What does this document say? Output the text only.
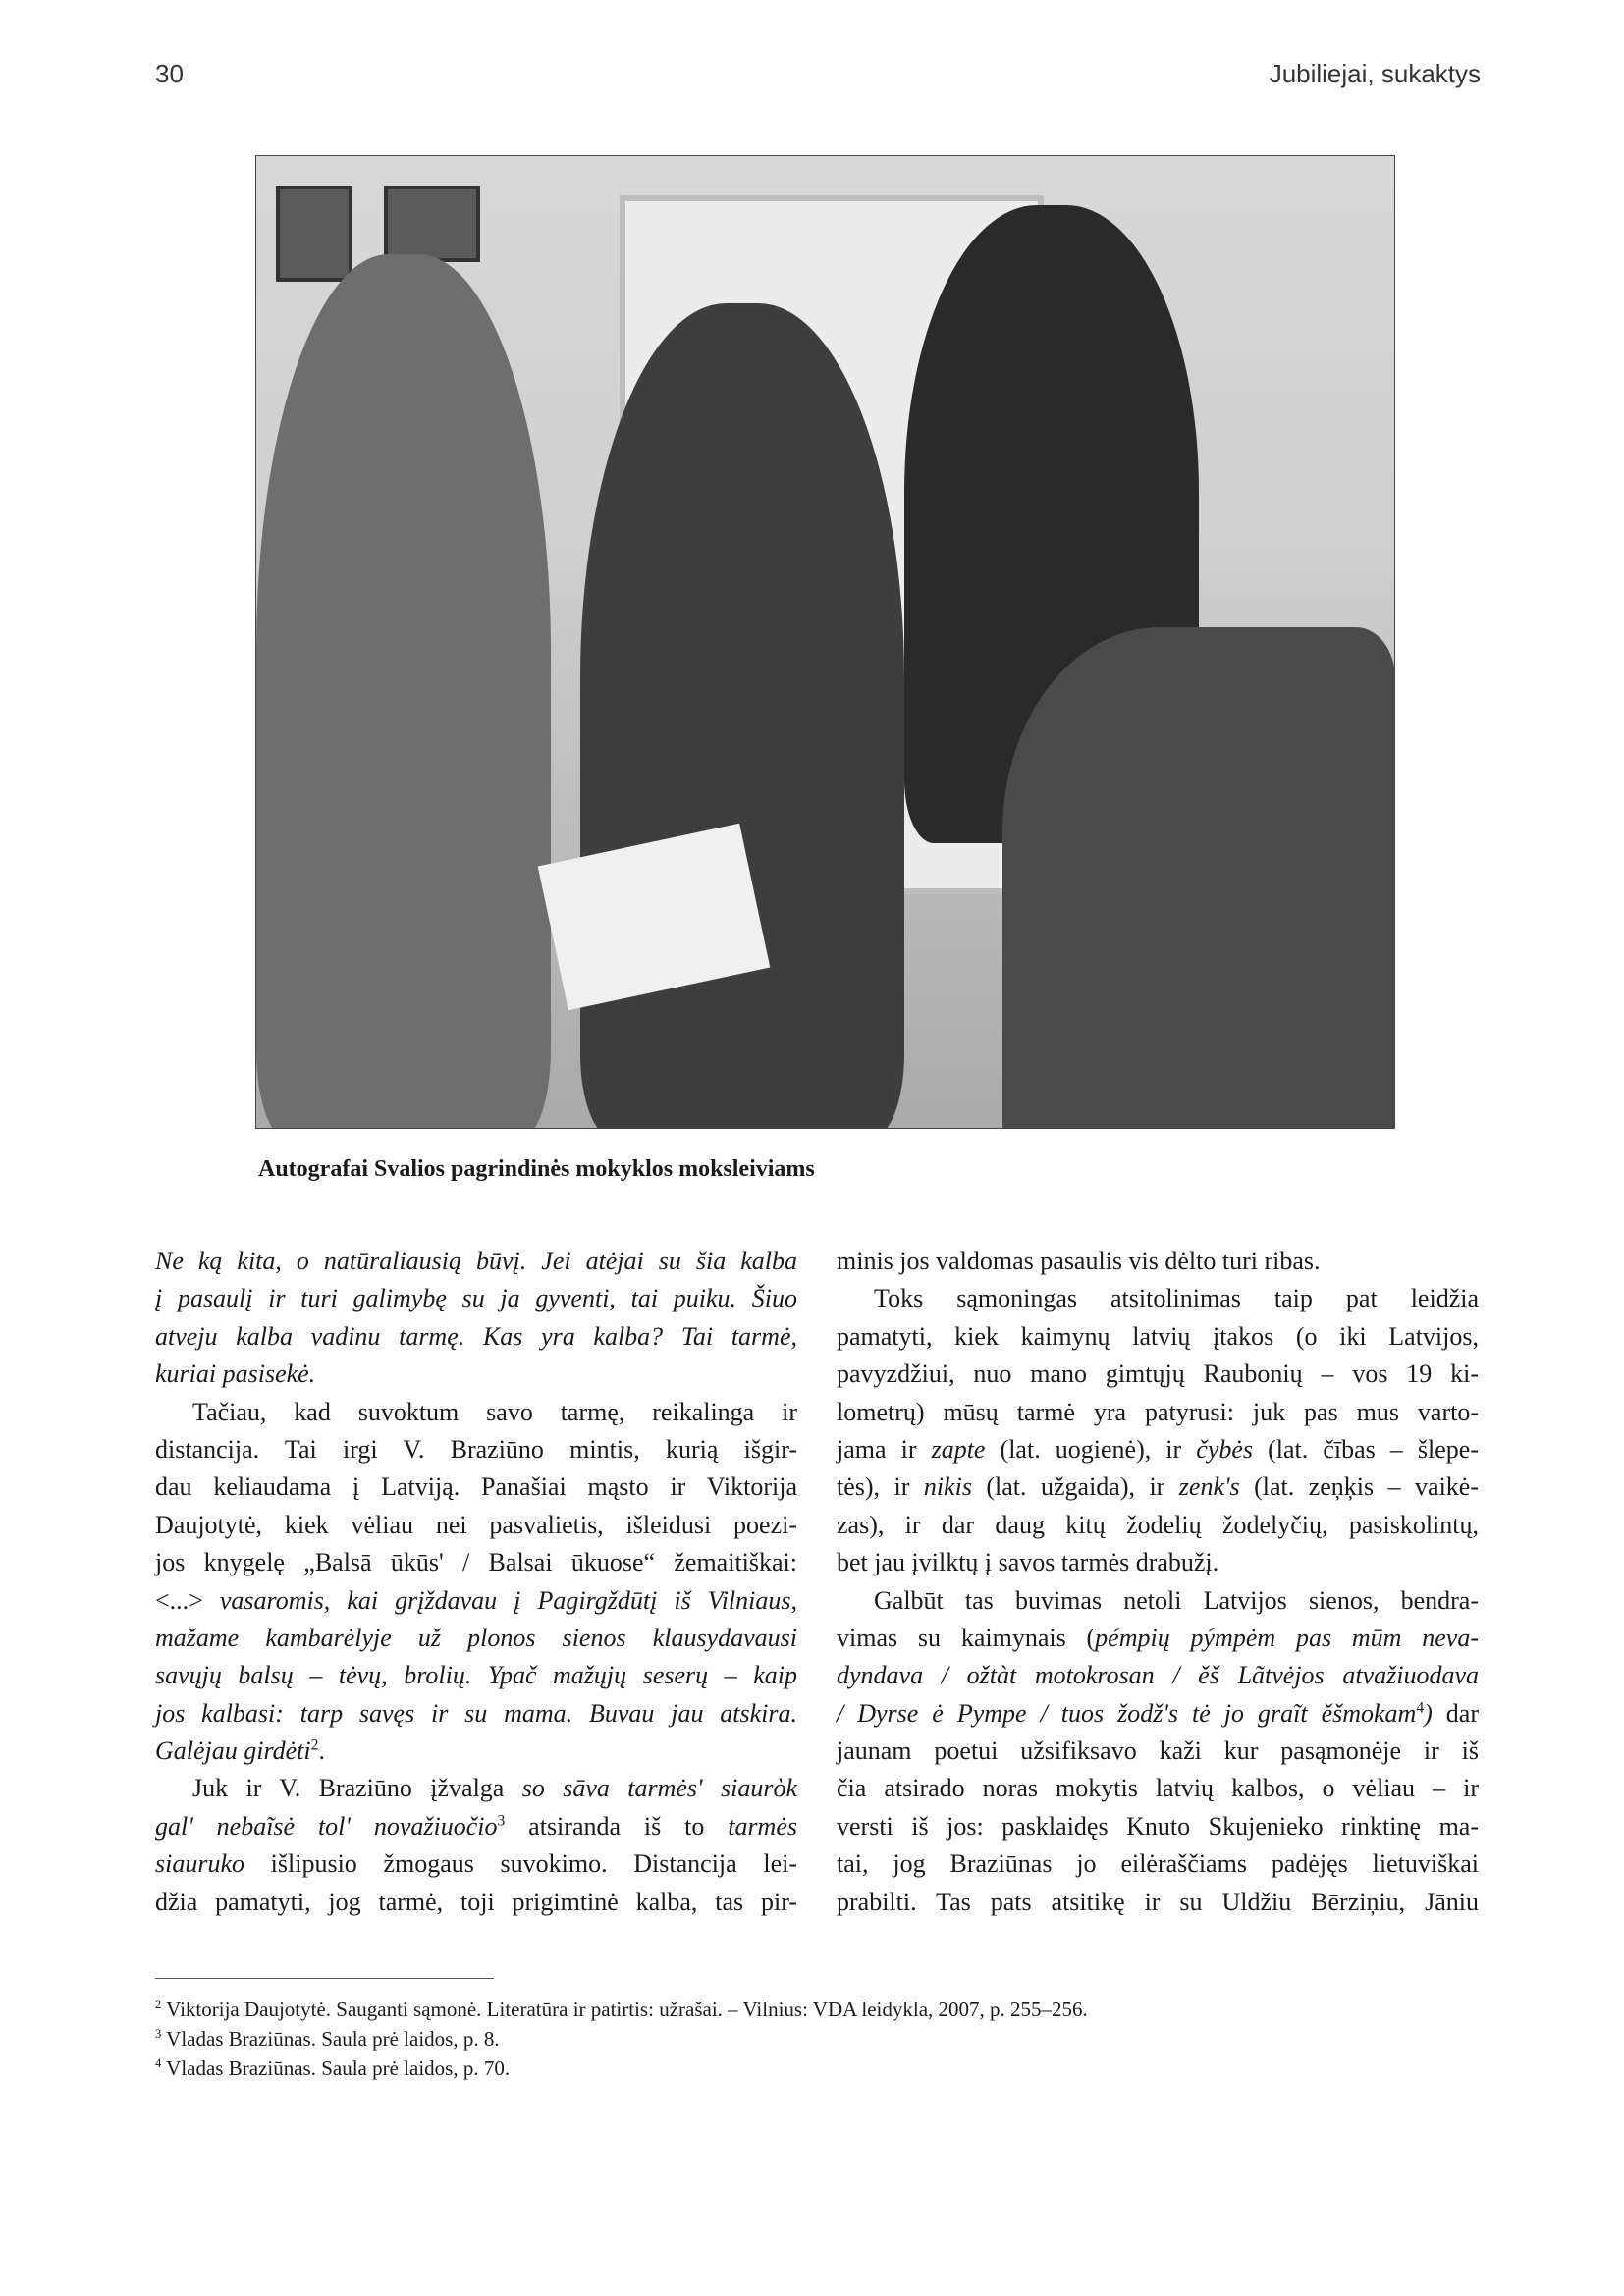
30	Jubiliejai, sukaktys
Autografai Svalios pagrindinės mokyklos moksleiviams
Ne ką kita, o natūraliausią būvį. Jei atėjai su šia kalba
į pasaulį ir turi galimybę su ja gyventi, tai puiku. Šiuo
atveju kalba vadinu tarmę. Kas yra kalba? Tai tarmė,
kuriai pasisekė.
Tačiau, kad suvoktum savo tarmę, reikalinga ir
distancija. Tai irgi V. Braziūno mintis, kurią išgir-
dau keliaudama į Latviją. Panašiai mąsto ir Viktorija
Daujotytė, kiek vėliau nei pasvalietis, išleidusi poezi-
jos knygelę „Balsā ūkūs' / Balsai ūkuose“ žemaitiškai:
<...> vasaromis, kai grįždavau į Pagirgždūtį iš Vilniaus,
mažame kambarėlyje už plonos sienos klausydavausi
savųjų balsų – tėvų, brolių. Ypač mažųjų seserų – kaip
jos kalbasi: tarp savęs ir su mama. Buvau jau atskira.
Galėjau girdėti$^2$.
Juk ir V. Braziūno įžvalga so sāva tarmės' siaurὸk
gal' nebaĩsė tol' novažiuočio$^3$ atsiranda iš to tarmės
siauruko išlipusio žmogaus suvokimo. Distancija lei-
džia pamatyti, jog tarmė, toji prigimtinė kalba, tas pir-
minis jos valdomas pasaulis vis dėlto turi ribas.
Toks sąmoningas atsitolinimas taip pat leidžia
pamatyti, kiek kaimynų latvių įtakos (o iki Latvijos,
pavyzdžiui, nuo mano gimtųjų Raubonių – vos 19 ki-
lometrų) mūsų tarmė yra patyrusi: juk pas mus varto-
jama ir zapte (lat. uogienė), ir čybės (lat. čības – šlepe-
tės), ir nikis (lat. užgaida), ir zenk's (lat. zeņķis – vaikė-
zas), ir dar daug kitų žodelių žodelyčių, pasiskolintų,
bet jau įvilktų į savos tarmės drabužį.
Galbūt tas buvimas netoli Latvijos sienos, bendra-
vimas su kaimynais (pémpių pýmpėm pas mūm neva-
dyndava / ožtàt motokrosan / ěš Lãtvėjos atvažiuodava
/ Dyrse ė Pympe / tuos žodž's tė jo graĩt ěšmokam$^4$) dar
jaunam poetui užsifiksavo kaži kur pasąmonėje ir iš
čia atsirado noras mokytis latvių kalbos, o vėliau – ir
versti iš jos: pasklaidęs Knuto Skujenieko rinktinę ma-
tai, jog Braziūnas jo eilėraščiams padėjęs lietuviškai
prabilti. Tas pats atsitikę ir su Uldžiu Bērziņiu, Jāniu
$^2$ Viktorija Daujotytė. Sauganti sąmonė. Literatūra ir patirtis: užrašai. – Vilnius: VDA leidykla, 2007, p. 255–256.
$^3$ Vladas Braziūnas. Saula prė laidos, p. 8.
$^4$ Vladas Braziūnas. Saula prė laidos, p. 70.
